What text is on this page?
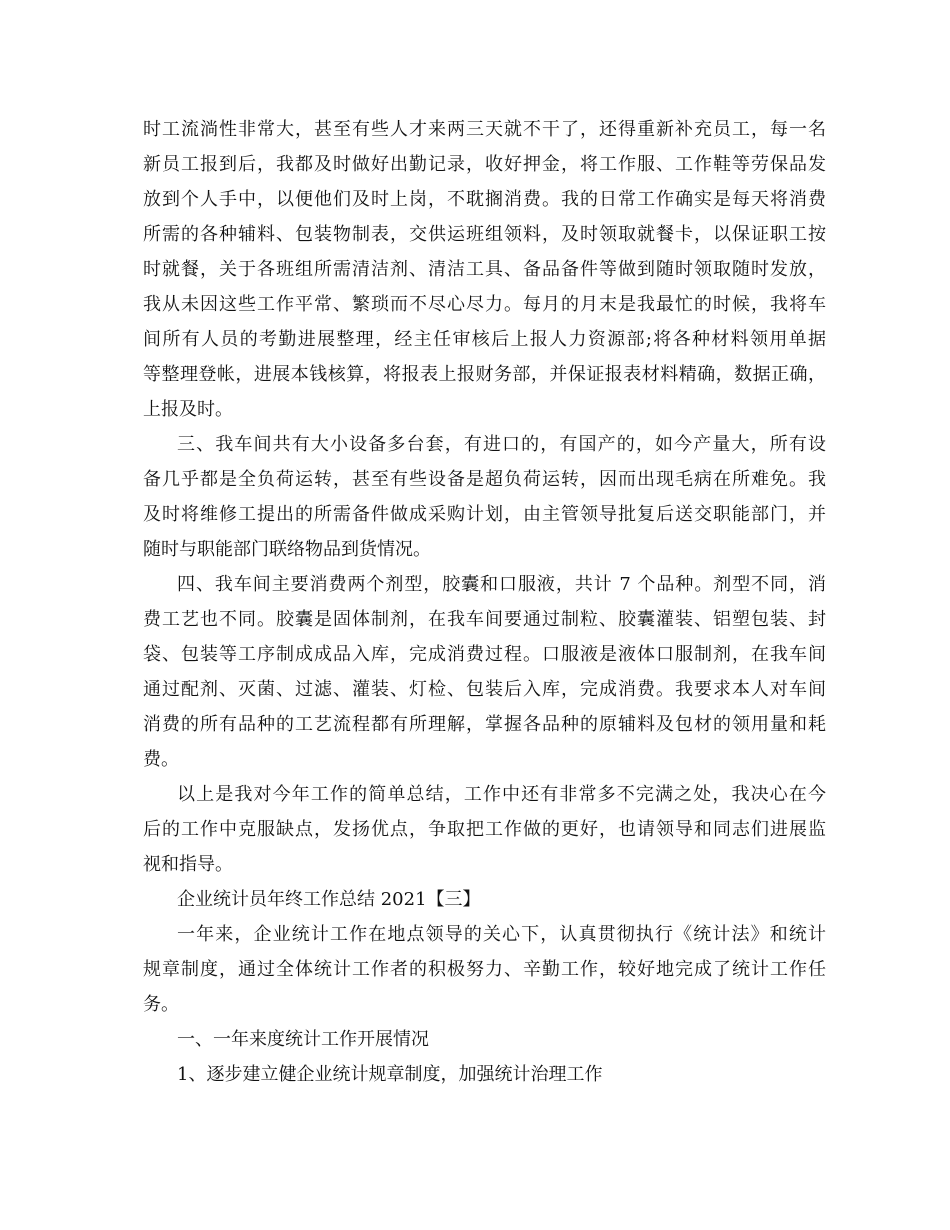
时工流淌性非常大，甚至有些人才来两三天就不干了，还得重新补充员工，每一名
新员工报到后，我都及时做好出勤记录，收好押金，将工作服、工作鞋等劳保品发
放到个人手中，以便他们及时上岗，不耽搁消费。我的日常工作确实是每天将消费
所需的各种辅料、包装物制表，交供运班组领料，及时领取就餐卡，以保证职工按
时就餐，关于各班组所需清洁剂、清洁工具、备品备件等做到随时领取随时发放，
我从未因这些工作平常、繁琐而不尽心尽力。每月的月末是我最忙的时候，我将车
间所有人员的考勤进展整理，经主任审核后上报人力资源部;将各种材料领用单据
等整理登帐，进展本钱核算，将报表上报财务部，并保证报表材料精确，数据正确，
上报及时。
三、我车间共有大小设备多台套，有进口的，有国产的，如今产量大，所有设
备几乎都是全负荷运转，甚至有些设备是超负荷运转，因而出现毛病在所难免。我
及时将维修工提出的所需备件做成采购计划，由主管领导批复后送交职能部门，并
随时与职能部门联络物品到货情况。
四、我车间主要消费两个剂型，胶囊和口服液，共计 7 个品种。剂型不同，消
费工艺也不同。胶囊是固体制剂，在我车间要通过制粒、胶囊灌装、铝塑包装、封
袋、包装等工序制成成品入库，完成消费过程。口服液是液体口服制剂，在我车间
通过配剂、灭菌、过滤、灌装、灯检、包装后入库，完成消费。我要求本人对车间
消费的所有品种的工艺流程都有所理解，掌握各品种的原辅料及包材的领用量和耗
费。
以上是我对今年工作的简单总结，工作中还有非常多不完满之处，我决心在今
后的工作中克服缺点，发扬优点，争取把工作做的更好，也请领导和同志们进展监
视和指导。
企业统计员年终工作总结 2021【三】
一年来，企业统计工作在地点领导的关心下，认真贯彻执行《统计法》和统计
规章制度，通过全体统计工作者的积极努力、辛勤工作，较好地完成了统计工作任
务。
一、一年来度统计工作开展情况
1、逐步建立健企业统计规章制度，加强统计治理工作
